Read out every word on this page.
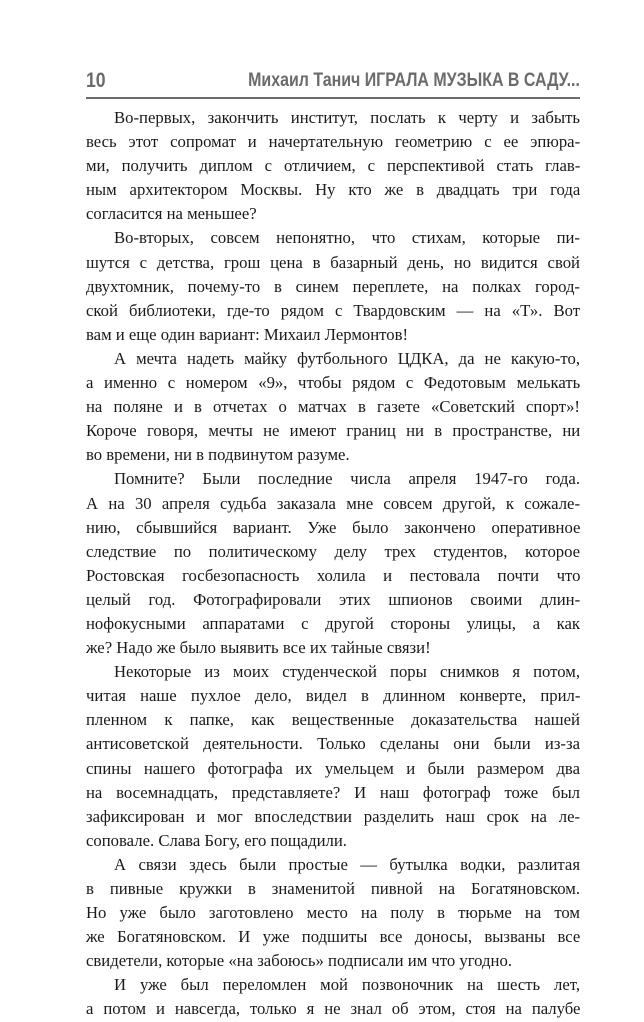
10	Михаил Танич ИГРАЛА МУЗЫКА В САДУ...
Во-первых, закончить институт, послать к черту и забыть
весь этот сопромат и начертательную геометрию с ее эпюра-
ми, получить диплом с отличием, с перспективой стать глав-
ным архитектором Москвы. Ну кто же в двадцать три года
согласится на меньшее?
Во-вторых, совсем непонятно, что стихам, которые пи-
шутся с детства, грош цена в базарный день, но видится свой
двухтомник, почему-то в синем переплете, на полках город-
ской библиотеки, где-то рядом с Твардовским — на «Т». Вот
вам и еще один вариант: Михаил Лермонтов!
А мечта надеть майку футбольного ЦДКА, да не какую-то,
а именно с номером «9», чтобы рядом с Федотовым мелькать
на поляне и в отчетах о матчах в газете «Советский спорт»!
Короче говоря, мечты не имеют границ ни в пространстве, ни
во времени, ни в подвинутом разуме.
Помните? Были последние числа апреля 1947-го года.
А на 30 апреля судьба заказала мне совсем другой, к сожале-
нию, сбывшийся вариант. Уже было закончено оперативное
следствие по политическому делу трех студентов, которое
Ростовская госбезопасность холила и пестовала почти что
целый год. Фотографировали этих шпионов своими длин-
нофокусными аппаратами с другой стороны улицы, а как
же? Надо же было выявить все их тайные связи!
Некоторые из моих студенческой поры снимков я потом,
читая наше пухлое дело, видел в длинном конверте, прил-
пленном к папке, как вещественные доказательства нашей
антисоветской деятельности. Только сделаны они были из-за
спины нашего фотографа их умельцем и были размером два
на восемнадцать, представляете? И наш фотограф тоже был
зафиксирован и мог впоследствии разделить наш срок на ле-
соповале. Слава Богу, его пощадили.
А связи здесь были простые — бутылка водки, разлитая
в пивные кружки в знаменитой пивной на Богатяновском.
Но уже было заготовлено место на полу в тюрьме на том
же Богатяновском. И уже подшиты все доносы, вызваны все
свидетели, которые «на забоюсь» подписали им что угодно.
И уже был переломлен мой позвоночник на шесть лет,
а потом и навсегда, только я не знал об этом, стоя на палубе
